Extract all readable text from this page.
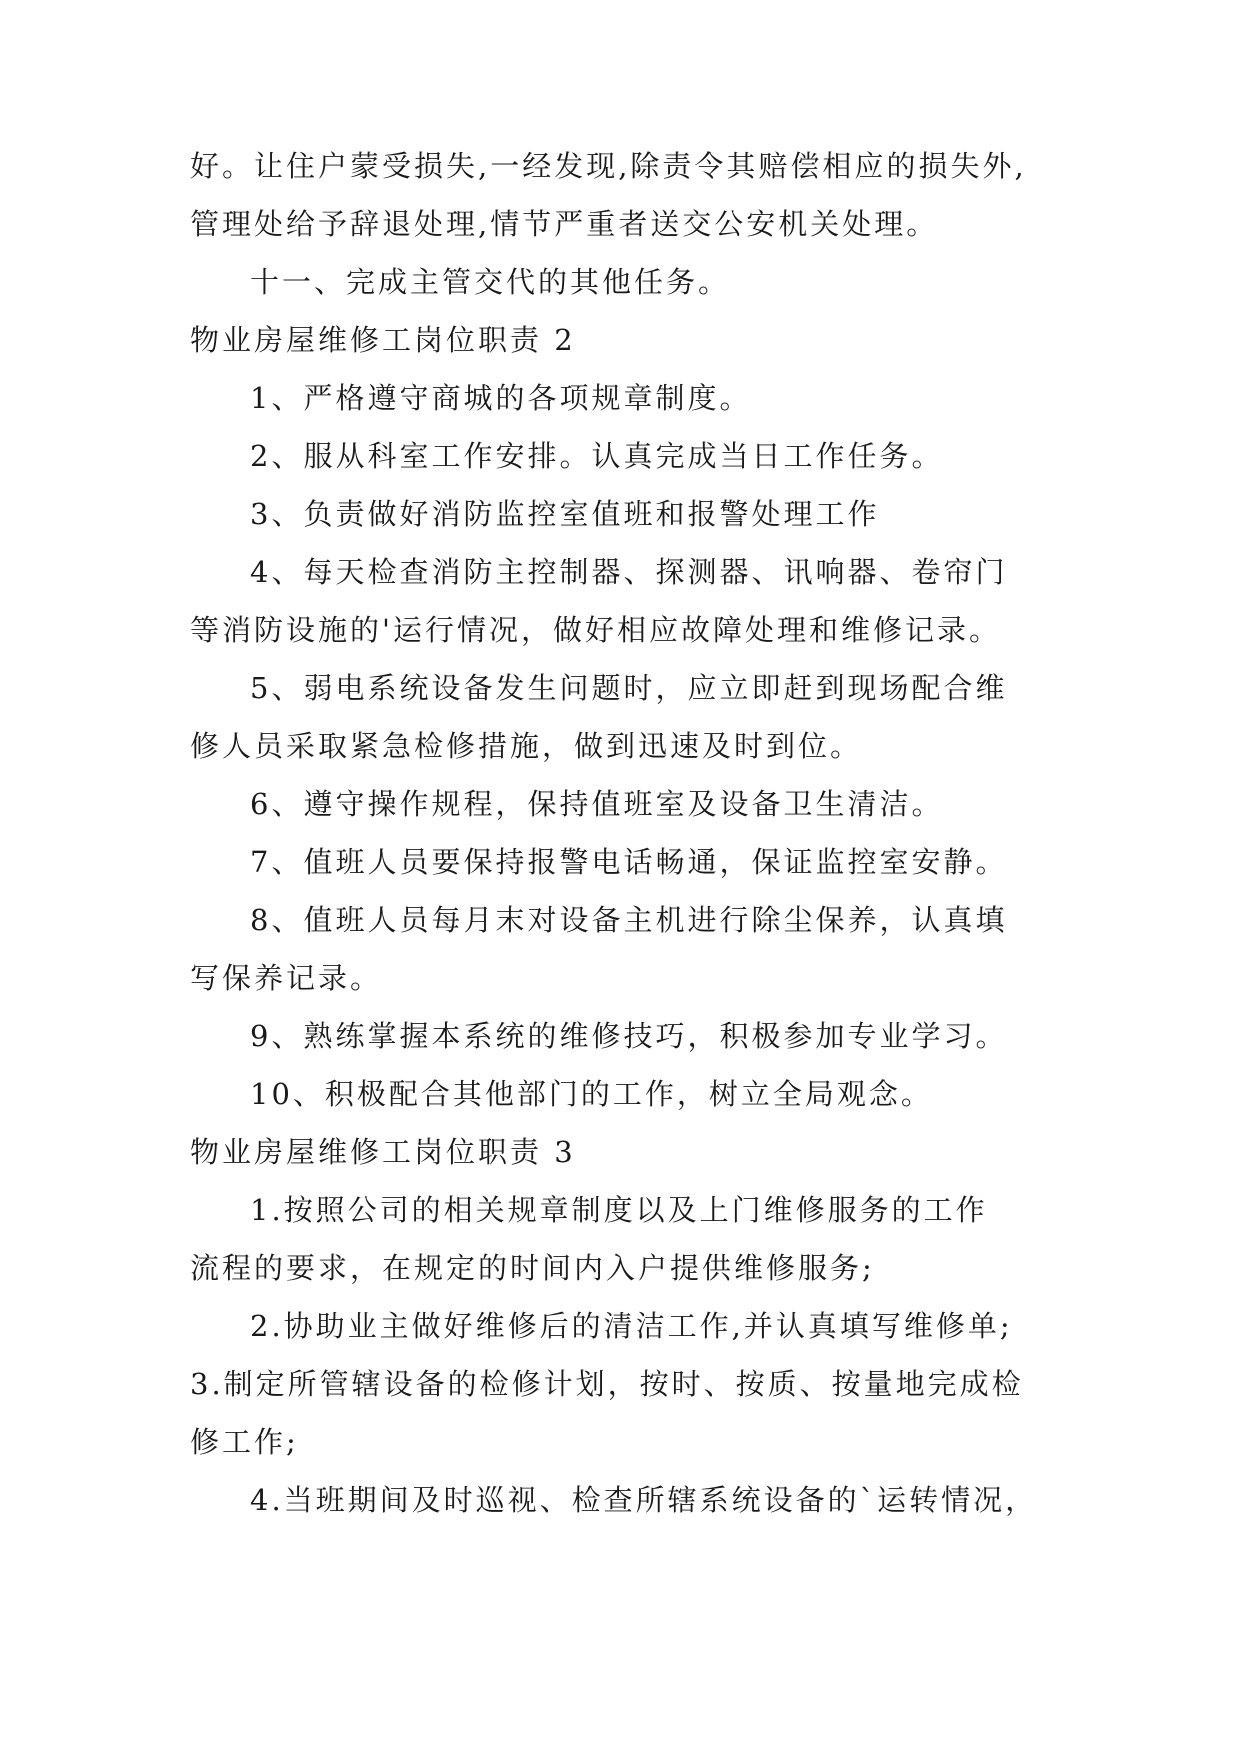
好。让住户蒙受损失,一经发现,除责令其赔偿相应的损失外,
管理处给予辞退处理,情节严重者送交公安机关处理。
十一、完成主管交代的其他任务。
物业房屋维修工岗位职责 2
1、严格遵守商城的各项规章制度。
2、服从科室工作安排。认真完成当日工作任务。
3、负责做好消防监控室值班和报警处理工作
4、每天检查消防主控制器、探测器、讯响器、卷帘门
等消防设施的'运行情况，做好相应故障处理和维修记录。
5、弱电系统设备发生问题时，应立即赶到现场配合维
修人员采取紧急检修措施，做到迅速及时到位。
6、遵守操作规程，保持值班室及设备卫生清洁。
7、值班人员要保持报警电话畅通，保证监控室安静。
8、值班人员每月末对设备主机进行除尘保养，认真填
写保养记录。
9、熟练掌握本系统的维修技巧，积极参加专业学习。
10、积极配合其他部门的工作，树立全局观念。
物业房屋维修工岗位职责 3
1.按照公司的相关规章制度以及上门维修服务的工作
流程的要求，在规定的时间内入户提供维修服务;
2.协助业主做好维修后的清洁工作,并认真填写维修单;
3.制定所管辖设备的检修计划，按时、按质、按量地完成检
修工作;
4.当班期间及时巡视、检查所辖系统设备的`运转情况，
